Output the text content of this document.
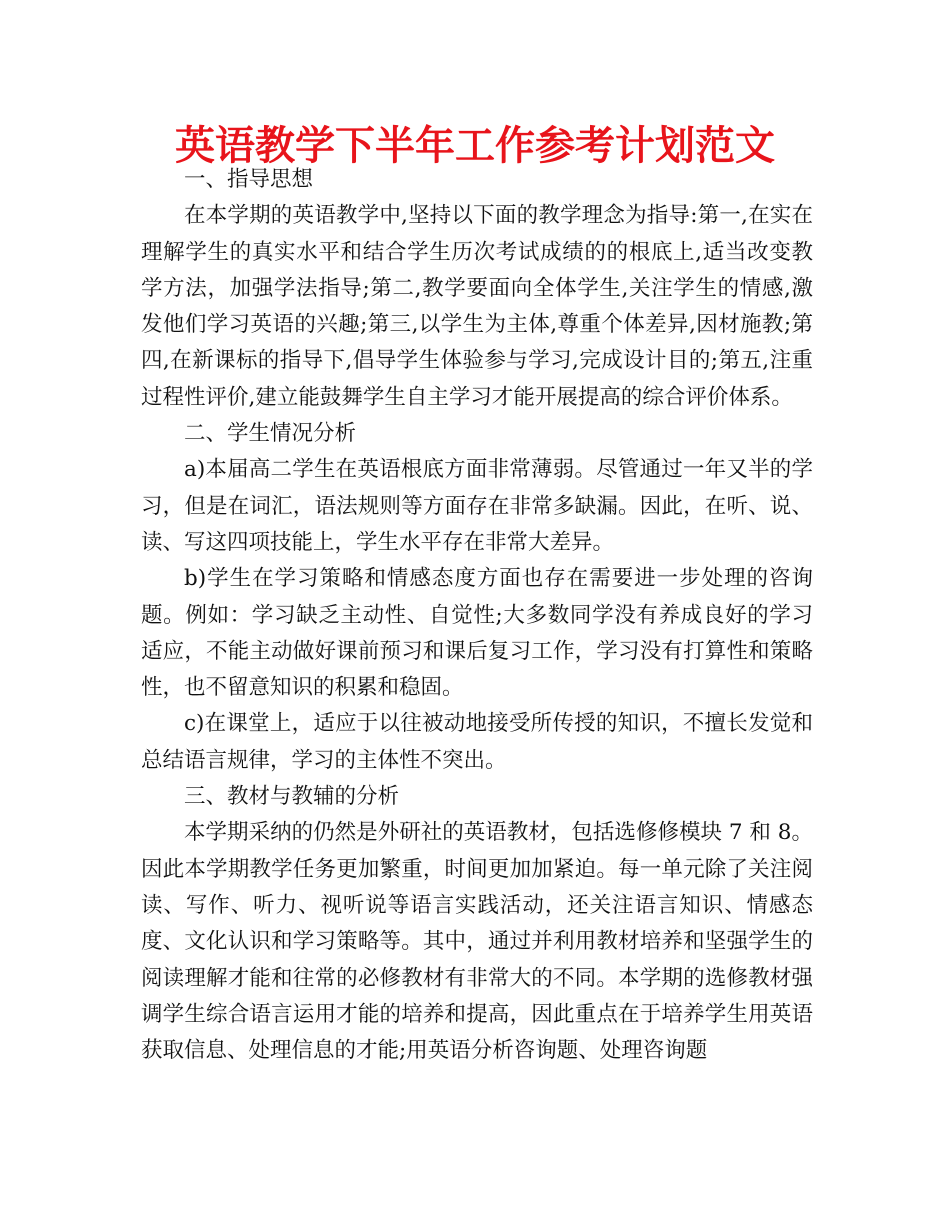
英语教学下半年工作参考计划范文

一、指导思想

在本学期的英语教学中,坚持以下面的教学理念为指导:第一,在实在理解学生的真实水平和结合学生历次考试成绩的的根底上,适当改变教学方法，加强学法指导;第二,教学要面向全体学生,关注学生的情感,激发他们学习英语的兴趣;第三,以学生为主体,尊重个体差异,因材施教;第四,在新课标的指导下,倡导学生体验参与学习,完成设计目的;第五,注重过程性评价,建立能鼓舞学生自主学习才能开展提高的综合评价体系。

二、学生情况分析

a)本届高二学生在英语根底方面非常薄弱。尽管通过一年又半的学习，但是在词汇，语法规则等方面存在非常多缺漏。因此，在听、说、读、写这四项技能上，学生水平存在非常大差异。

b)学生在学习策略和情感态度方面也存在需要进一步处理的咨询题。例如：学习缺乏主动性、自觉性;大多数同学没有养成良好的学习适应，不能主动做好课前预习和课后复习工作，学习没有打算性和策略性，也不留意知识的积累和稳固。

c)在课堂上，适应于以往被动地接受所传授的知识，不擅长发觉和总结语言规律，学习的主体性不突出。

三、教材与教辅的分析

本学期采纳的仍然是外研社的英语教材，包括选修修模块 7 和 8。因此本学期教学任务更加繁重，时间更加加紧迫。每一单元除了关注阅读、写作、听力、视听说等语言实践活动，还关注语言知识、情感态度、文化认识和学习策略等。其中，通过并利用教材培养和坚强学生的阅读理解才能和往常的必修教材有非常大的不同。本学期的选修教材强调学生综合语言运用才能的培养和提高，因此重点在于培养学生用英语获取信息、处理信息的才能;用英语分析咨询题、处理咨询题
